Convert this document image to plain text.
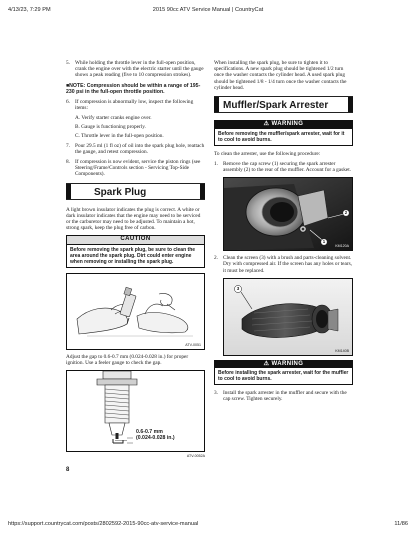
4/13/23, 7:29 PM	2015 90cc ATV Service Manual | CountryCat
5. While holding the throttle lever in the full-open position, crank the engine over with the electric starter until the gauge shows a peak reading (five to 10 compression strokes).
■NOTE: Compression should be within a range of 195-230 psi in the full-open throttle position.
6. If compression is abnormally low, inspect the following items:
A. Verify starter cranks engine over.
B. Gauge is functioning properly.
C. Throttle lever in the full-open position.
7. Pour 29.5 ml (1 fl oz) of oil into the spark plug hole, reattach the gauge, and retest compression.
8. If compression is now evident, service the piston rings (see Steering/Frame/Controls section - Servicing Top-Side Components).
Spark Plug
A light brown insulator indicates the plug is correct. A white or dark insulator indicates that the engine may need to be serviced or the carburetor may need to be adjusted. To maintain a hot, strong spark, keep the plug free of carbon.
CAUTION
Before removing the spark plug, be sure to clean the area around the spark plug. Dirt could enter engine when removing or installing the spark plug.
ATV-0051
Adjust the gap to 0.6-0.7 mm (0.024-0.028 in.) for proper ignition. Use a feeler gauge to check the gap.
0.6-0.7 mm
(0.024-0.028 in.)
ATV-0052A
8
When installing the spark plug, be sure to tighten it to specifications. A new spark plug should be tightened 1/2 turn once the washer contacts the cylinder head. A used spark plug should be tightened 1/8 - 1/4 turn once the washer contacts the cylinder head.
Muffler/Spark Arrester
⚠ WARNING
Before removing the muffler/spark arrester, wait for it to cool to avoid burns.
To clean the arrester, use the following procedure:
1. Remove the cap screw (1) securing the spark arrester assembly (2) to the rear of the muffler. Account for a gasket.
2
1
KM120A
2. Clean the screen (3) with a brush and parts-cleaning solvent. Dry with compressed air. If the screen has any holes or tears, it must be replaced.
3
KM140B
⚠ WARNING
Before installing the spark arrester, wait for the muffler to cool to avoid burns.
3. Install the spark arrester in the muffler and secure with the cap screw. Tighten securely.
https://support.countrycat.com/posts/2802592-2015-90cc-atv-service-manual	11/86
